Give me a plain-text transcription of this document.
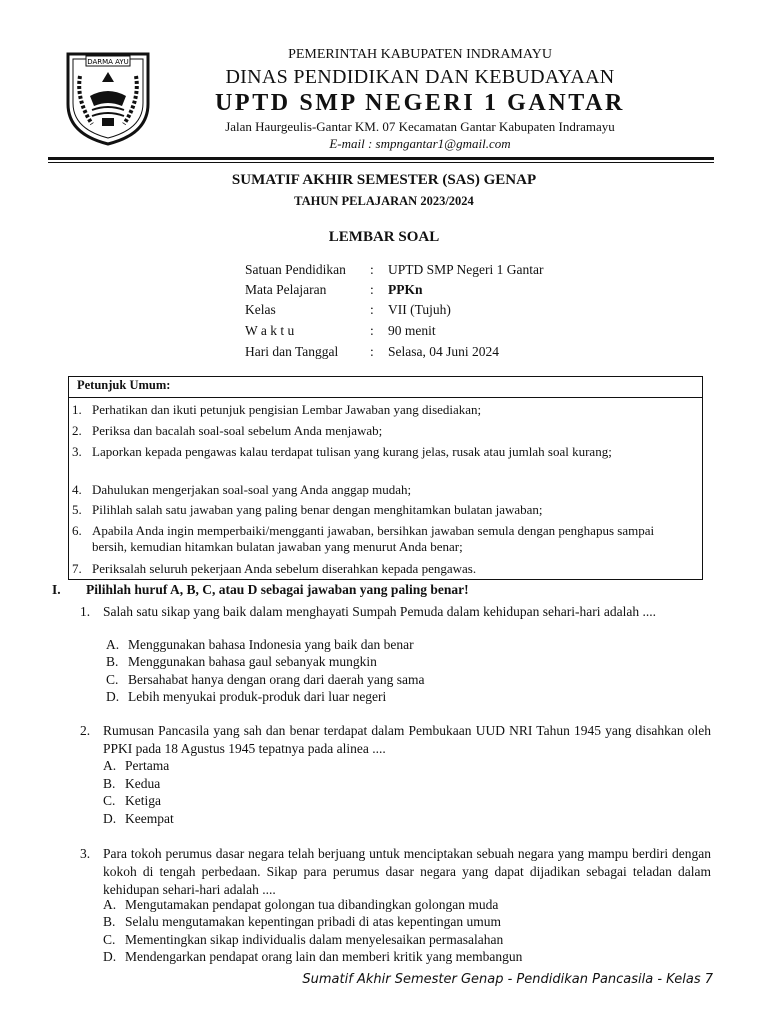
DARMA AYU	PEMERINTAH KABUPATEN INDRAMAYU
DINAS PENDIDIKAN DAN KEBUDAYAAN
UPTD SMP NEGERI 1 GANTAR
Jalan Haurgeulis-Gantar KM. 07 Kecamatan Gantar Kabupaten Indramayu
E-mail : smpngantar1@gmail.com
SUMATIF AKHIR SEMESTER (SAS) GENAP
TAHUN PELAJARAN 2023/2024
LEMBAR SOAL
Satuan Pendidikan : UPTD SMP Negeri 1 Gantar
Mata Pelajaran	: PPKn
Kelas	: VII (Tujuh)
W a k t u	: 90 menit
Hari dan Tanggal : Selasa, 04 Juni 2024
Petunjuk Umum:
1. Perhatikan dan ikuti petunjuk pengisian Lembar Jawaban yang disediakan;
2. Periksa dan bacalah soal-soal sebelum Anda menjawab;
3. Laporkan kepada pengawas kalau terdapat tulisan yang kurang jelas, rusak atau jumlah soal kurang;
4. Dahulukan mengerjakan soal-soal yang Anda anggap mudah;
5. Pilihlah salah satu jawaban yang paling benar dengan menghitamkan bulatan jawaban;
6. Apabila Anda ingin memperbaiki/mengganti jawaban, bersihkan jawaban semula dengan penghapus sampai bersih, kemudian hitamkan bulatan jawaban yang menurut Anda benar;
7. Periksalah seluruh pekerjaan Anda sebelum diserahkan kepada pengawas.
I. Pilihlah huruf A, B, C, atau D sebagai jawaban yang paling benar!
1. Salah satu sikap yang baik dalam menghayati Sumpah Pemuda dalam kehidupan sehari-hari adalah ....
A. Menggunakan bahasa Indonesia yang baik dan benar
B. Menggunakan bahasa gaul sebanyak mungkin
C. Bersahabat hanya dengan orang dari daerah yang sama
D. Lebih menyukai produk-produk dari luar negeri
2. Rumusan Pancasila yang sah dan benar terdapat dalam Pembukaan UUD NRI Tahun 1945 yang disahkan oleh PPKI pada 18 Agustus 1945 tepatnya pada alinea ....
A. Pertama
B. Kedua
C. Ketiga
D. Keempat
3. Para tokoh perumus dasar negara telah berjuang untuk menciptakan sebuah negara yang mampu berdiri dengan kokoh di tengah perbedaan. Sikap para perumus dasar negara yang dapat dijadikan sebagai teladan dalam kehidupan sehari-hari adalah ....
A. Mengutamakan pendapat golongan tua dibandingkan golongan muda
B. Selalu mengutamakan kepentingan pribadi di atas kepentingan umum
C. Mementingkan sikap individualis dalam menyelesaikan permasalahan
D. Mendengarkan pendapat orang lain dan memberi kritik yang membangun
Sumatif Akhir Semester Genap - Pendidikan Pancasila - Kelas 7
